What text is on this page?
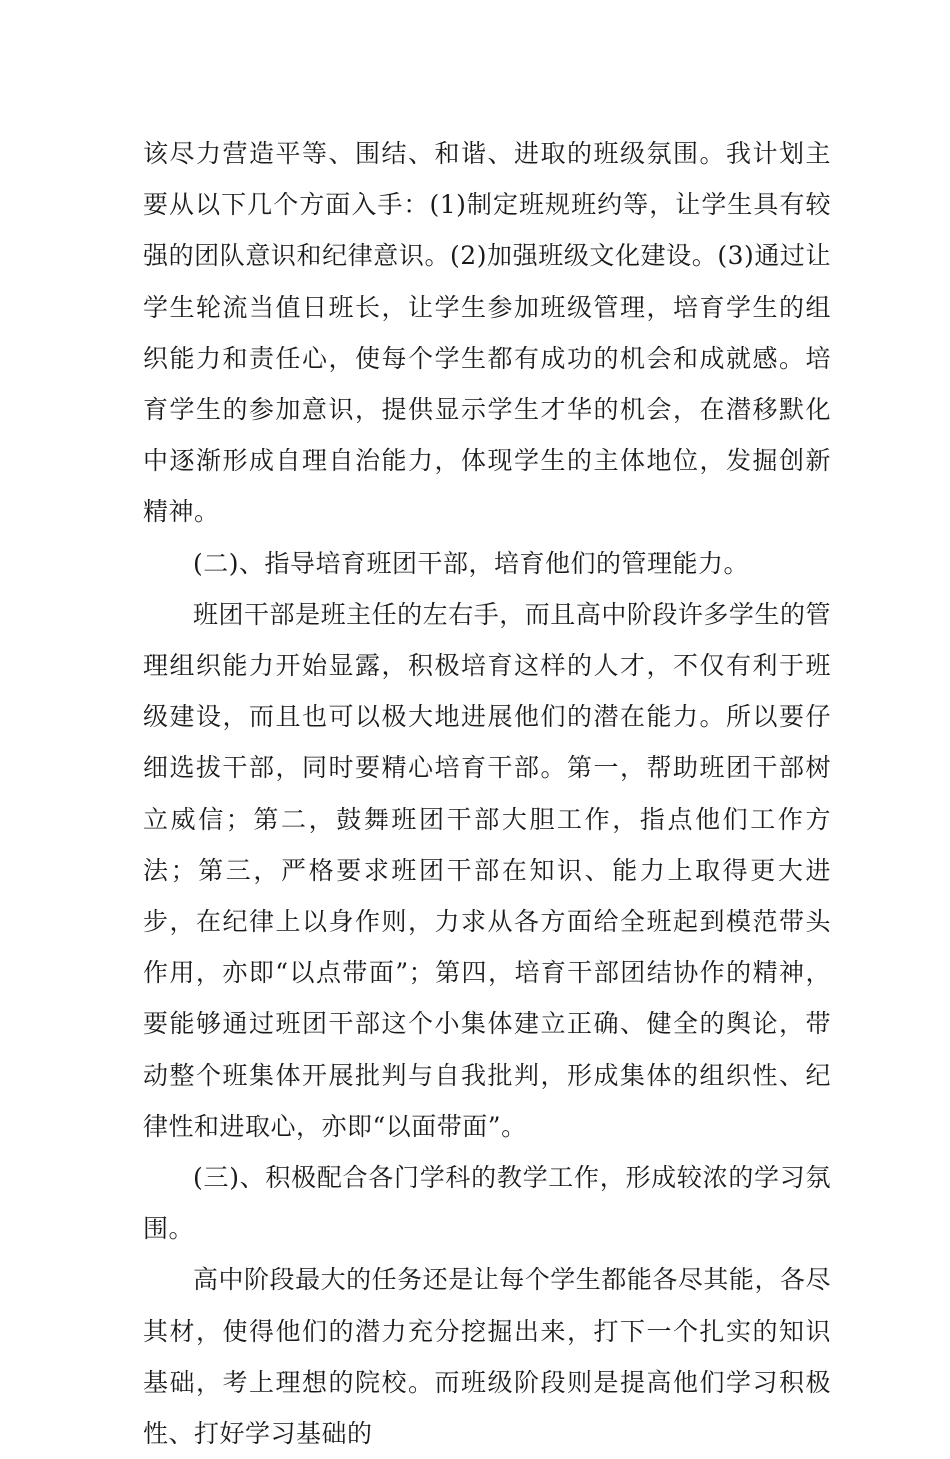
该尽力营造平等、围结、和谐、进取的班级氛围。我计划主要从以下几个方面入手：(1)制定班规班约等，让学生具有较强的团队意识和纪律意识。(2)加强班级文化建设。(3)通过让学生轮流当值日班长，让学生参加班级管理，培育学生的组织能力和责任心，使每个学生都有成功的机会和成就感。培育学生的参加意识，提供显示学生才华的机会，在潜移默化中逐渐形成自理自治能力，体现学生的主体地位，发掘创新精神。

(二)、指导培育班团干部，培育他们的管理能力。

班团干部是班主任的左右手，而且高中阶段许多学生的管理组织能力开始显露，积极培育这样的人才，不仅有利于班级建设，而且也可以极大地进展他们的潜在能力。所以要仔细选拔干部，同时要精心培育干部。第一，帮助班团干部树立威信；第二，鼓舞班团干部大胆工作，指点他们工作方法；第三，严格要求班团干部在知识、能力上取得更大进步，在纪律上以身作则，力求从各方面给全班起到模范带头作用，亦即“以点带面”；第四，培育干部团结协作的精神，要能够通过班团干部这个小集体建立正确、健全的舆论，带动整个班集体开展批判与自我批判，形成集体的组织性、纪律性和进取心，亦即“以面带面”。

(三)、积极配合各门学科的教学工作，形成较浓的学习氛围。

高中阶段最大的任务还是让每个学生都能各尽其能，各尽其材，使得他们的潜力充分挖掘出来，打下一个扎实的知识基础，考上理想的院校。而班级阶段则是提高他们学习积极性、打好学习基础的
